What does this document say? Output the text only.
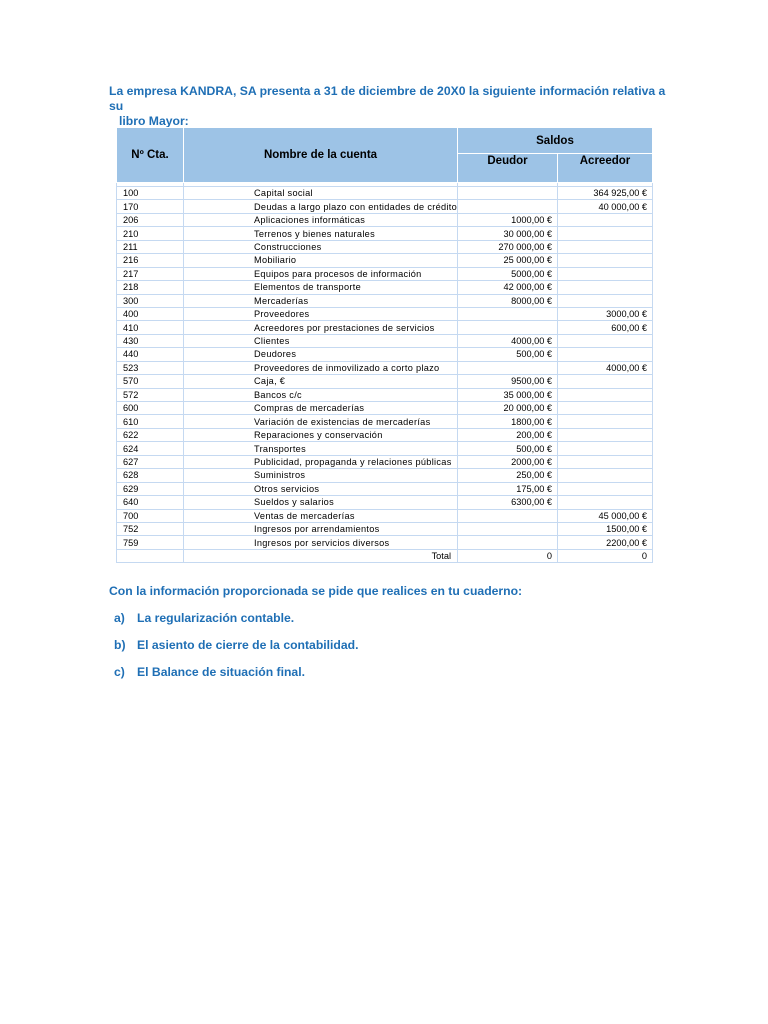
La empresa KANDRA, SA presenta a 31 de diciembre de 20X0 la siguiente información relativa a su
libro Mayor:
Nº Cta.	Nombre de la cuenta	Saldos	
		Deudor	Acreedor

100	Capital social		364 925,00 €
170	Deudas a largo plazo con entidades de crédito		40 000,00 €
206	Aplicaciones informáticas	1000,00 €	
210	Terrenos y bienes naturales	30 000,00 €	
211	Construcciones	270 000,00 €	
216	Mobiliario	25 000,00 €	
217	Equipos para procesos de información	5000,00 €	
218	Elementos de transporte	42 000,00 €	
300	Mercaderías	8000,00 €	
400	Proveedores		3000,00 €
410	Acreedores por prestaciones de servicios		600,00 €
430	Clientes	4000,00 €	
440	Deudores	500,00 €	
523	Proveedores de inmovilizado a corto plazo		4000,00 €
570	Caja, €	9500,00 €	
572	Bancos c/c	35 000,00 €	
600	Compras de mercaderías	20 000,00 €	
610	Variación de existencias de mercaderías	1800,00 €	
622	Reparaciones y conservación	200,00 €	
624	Transportes	500,00 €	
627	Publicidad, propaganda y relaciones públicas	2000,00 €	
628	Suministros	250,00 €	
629	Otros servicios	175,00 €	
640	Sueldos y salarios	6300,00 €	
700	Ventas de mercaderías		45 000,00 €
752	Ingresos por arrendamientos		1500,00 €
759	Ingresos por servicios diversos		2200,00 €
	Total	0	0
Con la información proporcionada se pide que realices en tu cuaderno:
a) La regularización contable.
b) El asiento de cierre de la contabilidad.
c) El Balance de situación final.
